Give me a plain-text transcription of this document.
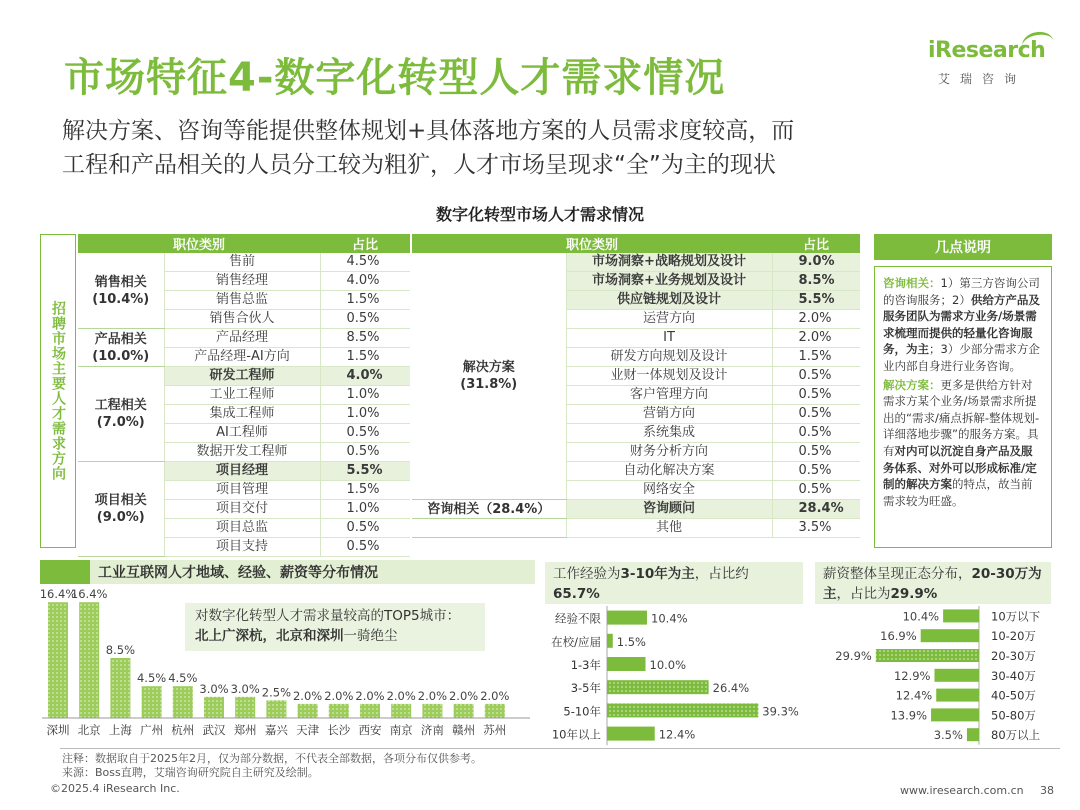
市场特征4-数字化转型人才需求情况
iResearch
艾瑞咨询
解决方案、咨询等能提供整体规划+具体落地方案的人员需求度较高，而
工程和产品相关的人员分工较为粗犷，人才市场呈现求“全”为主的现状
数字化转型市场人才需求情况
招聘市场主要人才需求方向
职位类别		占比

销售相关
(10.4%)	售前	4.5%
	销售经理	4.0%
	销售总监	1.5%
	销售合伙人	0.5%

产品相关
(10.0%)	产品经理	8.5%
	产品经理-AI方向	1.5%

工程相关
(7.0%)	研发工程师	4.0%
	工业工程师	1.0%
	集成工程师	1.0%
	AI工程师	0.5%
	数据开发工程师	0.5%

项目相关
(9.0%)	项目经理	5.5%
	项目管理	1.5%
	项目交付	1.0%
	项目总监	0.5%
	项目支持	0.5%
职位类别		占比

解决方案
(31.8%)	市场洞察+战略规划及设计	9.0%
	市场洞察+业务规划及设计	8.5%
	供应链规划及设计	5.5%
	运营方向	2.0%
	IT	2.0%
	研发方向规划及设计	1.5%
	业财一体规划及设计	0.5%
	客户管理方向	0.5%
	营销方向	0.5%
	系统集成	0.5%
	财务分析方向	0.5%
	自动化解决方案	0.5%
	网络安全	0.5%

咨询相关（28.4%）	咨询顾问	28.4%

	其他	3.5%
几点说明

咨询相关：1）第三方咨询公司的咨询服务；2）供给方产品及服务团队为需求方业务/场景需求梳理而提供的轻量化咨询服务，为主；3）少部分需求方企业内部自身进行业务咨询。

解决方案：更多是供给方针对需求方某个业务/场景需求所提出的“需求/痛点拆解-整体规划-详细落地步骤”的服务方案。具有对内可以沉淀自身产品及服务体系、对外可以形成标准/定制的解决方案的特点，故当前需求较为旺盛。

工业互联网人才地域、经验、薪资等分布情况
16.4%
深圳
16.4%
北京
8.5%
上海
4.5%
广州
4.5%
杭州
3.0%
武汉
3.0%
郑州
2.5%
嘉兴
2.0%
天津
2.0%
长沙
2.0%
西安
2.0%
南京
2.0%
济南
2.0%
赣州
2.0%
苏州
对数字化转型人才需求量较高的TOP5城市：
北上广深杭，北京和深圳一骑绝尘
工作经验为3-10年为主，占比约
65.7%
10.4%
经验不限
1.5%
在校/应届
10.0%
1-3年
26.4%
3-5年
39.3%
5-10年
12.4%
10年以上
薪资整体呈现正态分布，20-30万为主，占比为29.9%
10.4%	10万以下
16.9%	10-20万
29.9%	20-30万
12.9%	30-40万
12.4%	40-50万
13.9%	50-80万
3.5% 80万以上
注释：数据取自于2025年2月，仅为部分数据，不代表全部数据，各项分布仅供参考。
来源：Boss直聘，艾瑞咨询研究院自主研究及绘制。
©2025.4 iResearch Inc.	www.iresearch.com.cn 38
